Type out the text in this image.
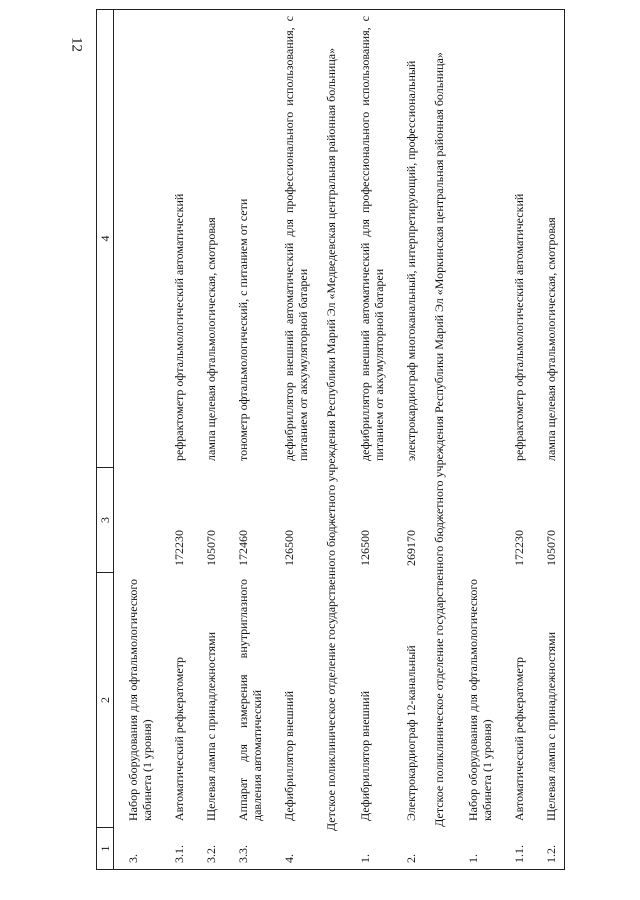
12
1	2	3	4
3.	Набор оборудования для офтальмологического кабинета (1 уровня)		
3.1.	Автоматический рефкератометр	172230	рефрактометр офтальмологический автоматический
3.2.	Щелевая лампа с принадлежностями	105070	лампа щелевая офтальмологическая, смотровая
3.3.	Аппарат для измерения внутриглазного давления автоматический	172460	тонометр офтальмологический, с питанием от сети
4.	Дефибриллятор внешний	126500	дефибриллятор внешний автоматический для профессионального использования, с питанием от аккумуляторной батареи
Детское поликлиническое отделение государственного бюджетного учреждения Республики Марий Эл «Медведевская центральная районная больница»			
1.	Дефибриллятор внешний	126500	дефибриллятор внешний автоматический для профессионального использования, с питанием от аккумуляторной батареи
2.	Электрокардиограф 12-канальный	269170	электрокардиограф многоканальный, интерпретирующий, профессиональный
Детское поликлиническое отделение государственного бюджетного учреждения Республики Марий Эл «Моркинская центральная районная больница»			
1.	Набор оборудования для офтальмологического кабинета (1 уровня)		
1.1.	Автоматический рефкератометр	172230	рефрактометр офтальмологический автоматический
1.2.	Щелевая лампа с принадлежностями	105070	лампа щелевая офтальмологическая, смотровая
